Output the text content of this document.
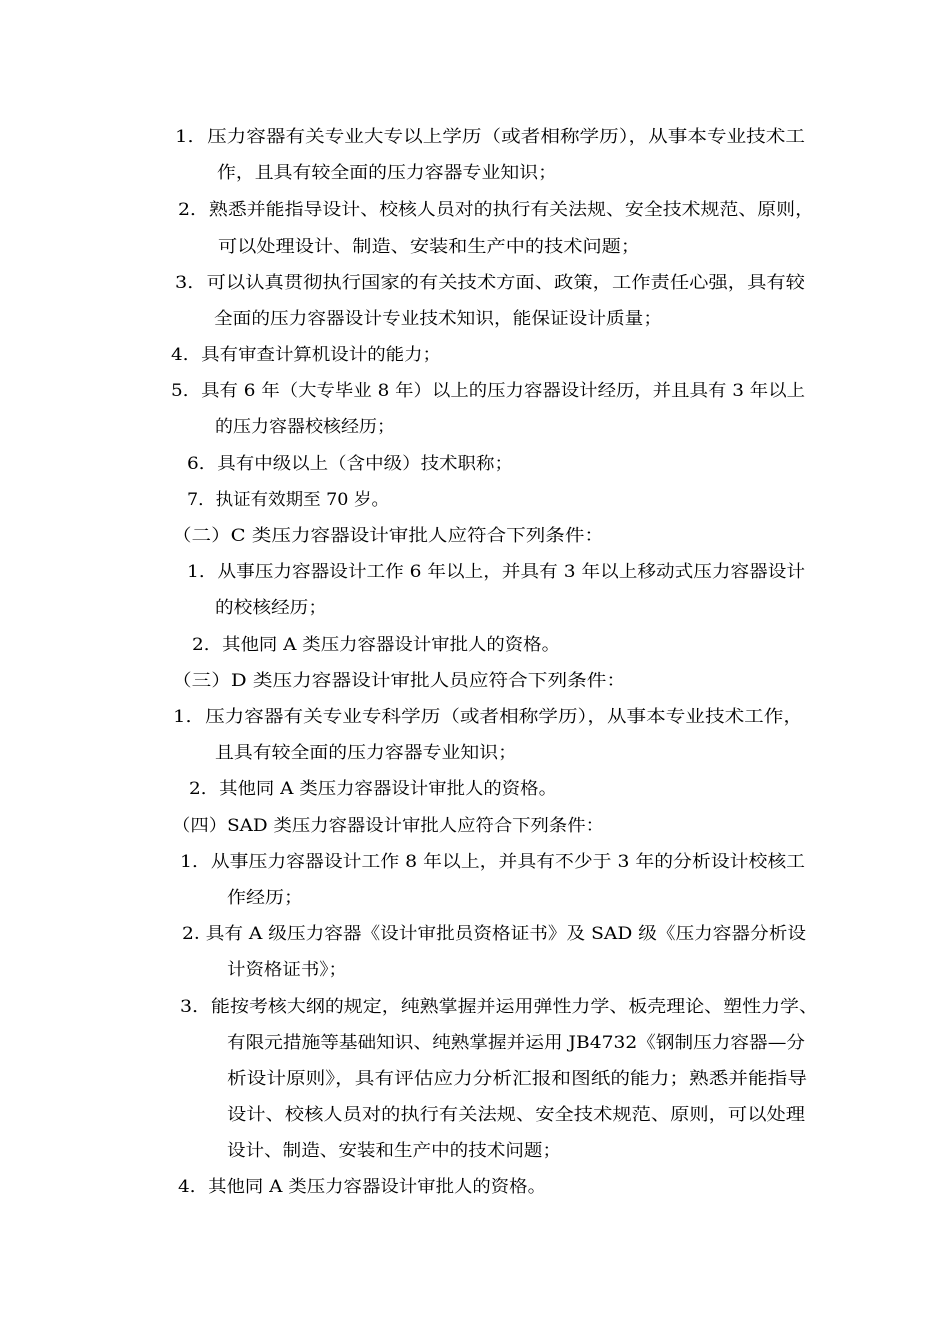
1．压力容器有关专业大专以上学历（或者相称学历），从事本专业技术工
作，且具有较全面的压力容器专业知识；
2．熟悉并能指导设计、校核人员对的执行有关法规、安全技术规范、原则，
可以处理设计、制造、安装和生产中的技术问题；
3．可以认真贯彻执行国家的有关技术方面、政策，工作责任心强，具有较
全面的压力容器设计专业技术知识，能保证设计质量；
4．具有审查计算机设计的能力；
5．具有 6 年（大专毕业 8 年）以上的压力容器设计经历，并且具有 3 年以上
的压力容器校核经历；
6．具有中级以上（含中级）技术职称；
7．执证有效期至 70 岁。
（二）C 类压力容器设计审批人应符合下列条件：
1．从事压力容器设计工作 6 年以上，并具有 3 年以上移动式压力容器设计
的校核经历；
2．其他同 A 类压力容器设计审批人的资格。
（三）D 类压力容器设计审批人员应符合下列条件：
1．压力容器有关专业专科学历（或者相称学历），从事本专业技术工作，
且具有较全面的压力容器专业知识；
2．其他同 A 类压力容器设计审批人的资格。
（四）SAD 类压力容器设计审批人应符合下列条件：
1．从事压力容器设计工作 8 年以上，并具有不少于 3 年的分析设计校核工
作经历；
2. 具有 A 级压力容器《设计审批员资格证书》及 SAD 级《压力容器分析设
计资格证书》；
3．能按考核大纲的规定，纯熟掌握并运用弹性力学、板壳理论、塑性力学、
有限元措施等基础知识、纯熟掌握并运用 JB4732《钢制压力容器—分
析设计原则》，具有评估应力分析汇报和图纸的能力；熟悉并能指导
设计、校核人员对的执行有关法规、安全技术规范、原则，可以处理
设计、制造、安装和生产中的技术问题；
4．其他同 A 类压力容器设计审批人的资格。
